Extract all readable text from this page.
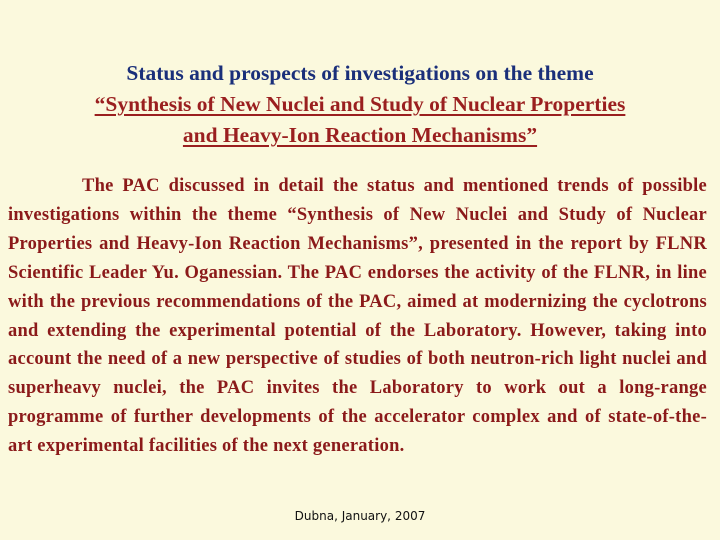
Status and prospects of investigations on the theme
“Synthesis of New Nuclei and Study of Nuclear Properties
and Heavy-Ion Reaction Mechanisms”

The PAC discussed in detail the status and mentioned trends of possible investigations within the theme “Synthesis of New Nuclei and Study of Nuclear Properties and Heavy-Ion Reaction Mechanisms”, presented in the report by FLNR Scientific Leader Yu. Oganessian. The PAC endorses the activity of the FLNR, in line with the previous recommendations of the PAC, aimed at modernizing the cyclotrons and extending the experimental potential of the Laboratory. However, taking into account the need of a new perspective of studies of both neutron-rich light nuclei and superheavy nuclei, the PAC invites the Laboratory to work out a long-range programme of further developments of the accelerator complex and of state-of-the-art experimental facilities of the next generation.

Dubna, January, 2007
